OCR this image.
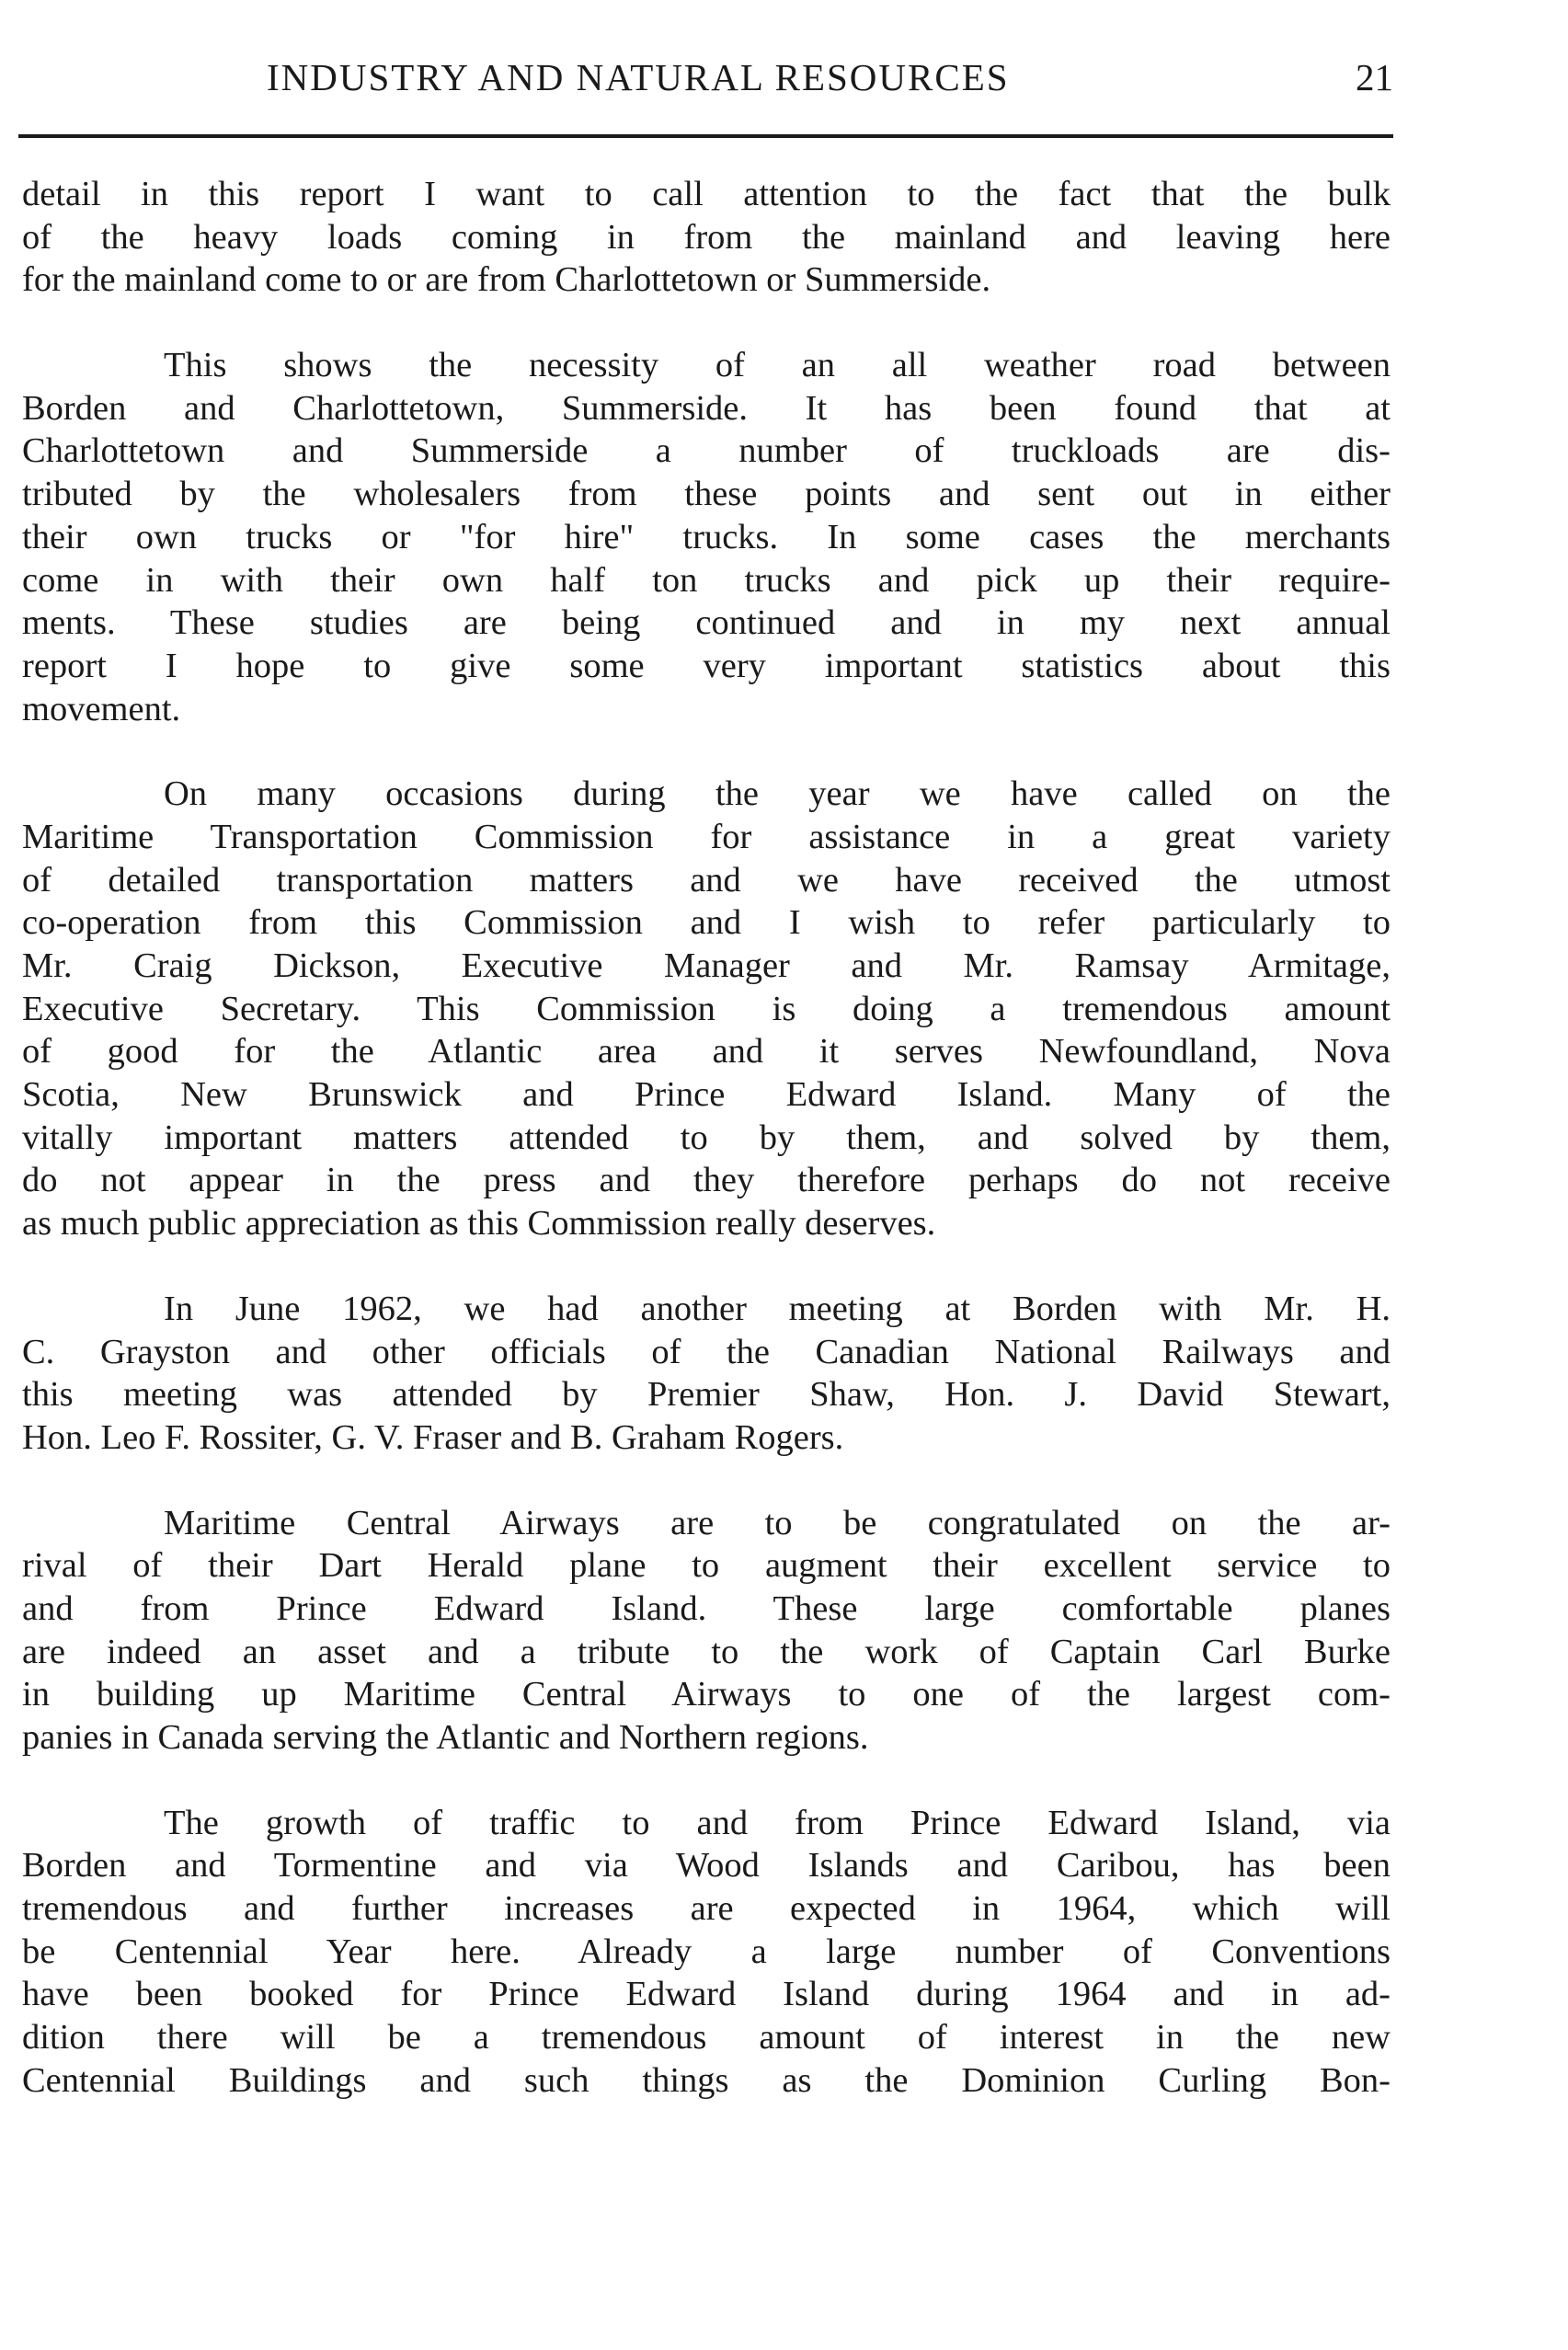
INDUSTRY AND NATURAL RESOURCES	21

detail in this report I want to call attention to the fact that the bulk
of the heavy loads coming in from the mainland and leaving here
for the mainland come to or are from Charlottetown or Summerside.

This shows the necessity of an all weather road between
Borden and Charlottetown, Summerside. It has been found that at
Charlottetown and Summerside a number of truckloads are dis-
tributed by the wholesalers from these points and sent out in either
their own trucks or "for hire" trucks. In some cases the merchants
come in with their own half ton trucks and pick up their require-
ments. These studies are being continued and in my next annual
report I hope to give some very important statistics about this
movement.

On many occasions during the year we have called on the
Maritime Transportation Commission for assistance in a great variety
of detailed transportation matters and we have received the utmost
co-operation from this Commission and I wish to refer particularly to
Mr. Craig Dickson, Executive Manager and Mr. Ramsay Armitage,
Executive Secretary. This Commission is doing a tremendous amount
of good for the Atlantic area and it serves Newfoundland, Nova
Scotia, New Brunswick and Prince Edward Island. Many of the
vitally important matters attended to by them, and solved by them,
do not appear in the press and they therefore perhaps do not receive
as much public appreciation as this Commission really deserves.

In June 1962, we had another meeting at Borden with Mr. H.
C. Grayston and other officials of the Canadian National Railways and
this meeting was attended by Premier Shaw, Hon. J. David Stewart,
Hon. Leo F. Rossiter, G. V. Fraser and B. Graham Rogers.

Maritime Central Airways are to be congratulated on the ar-
rival of their Dart Herald plane to augment their excellent service to
and from Prince Edward Island. These large comfortable planes
are indeed an asset and a tribute to the work of Captain Carl Burke
in building up Maritime Central Airways to one of the largest com-
panies in Canada serving the Atlantic and Northern regions.

The growth of traffic to and from Prince Edward Island, via
Borden and Tormentine and via Wood Islands and Caribou, has been
tremendous and further increases are expected in 1964, which will
be Centennial Year here. Already a large number of Conventions
have been booked for Prince Edward Island during 1964 and in ad-
dition there will be a tremendous amount of interest in the new
Centennial Buildings and such things as the Dominion Curling Bon-
